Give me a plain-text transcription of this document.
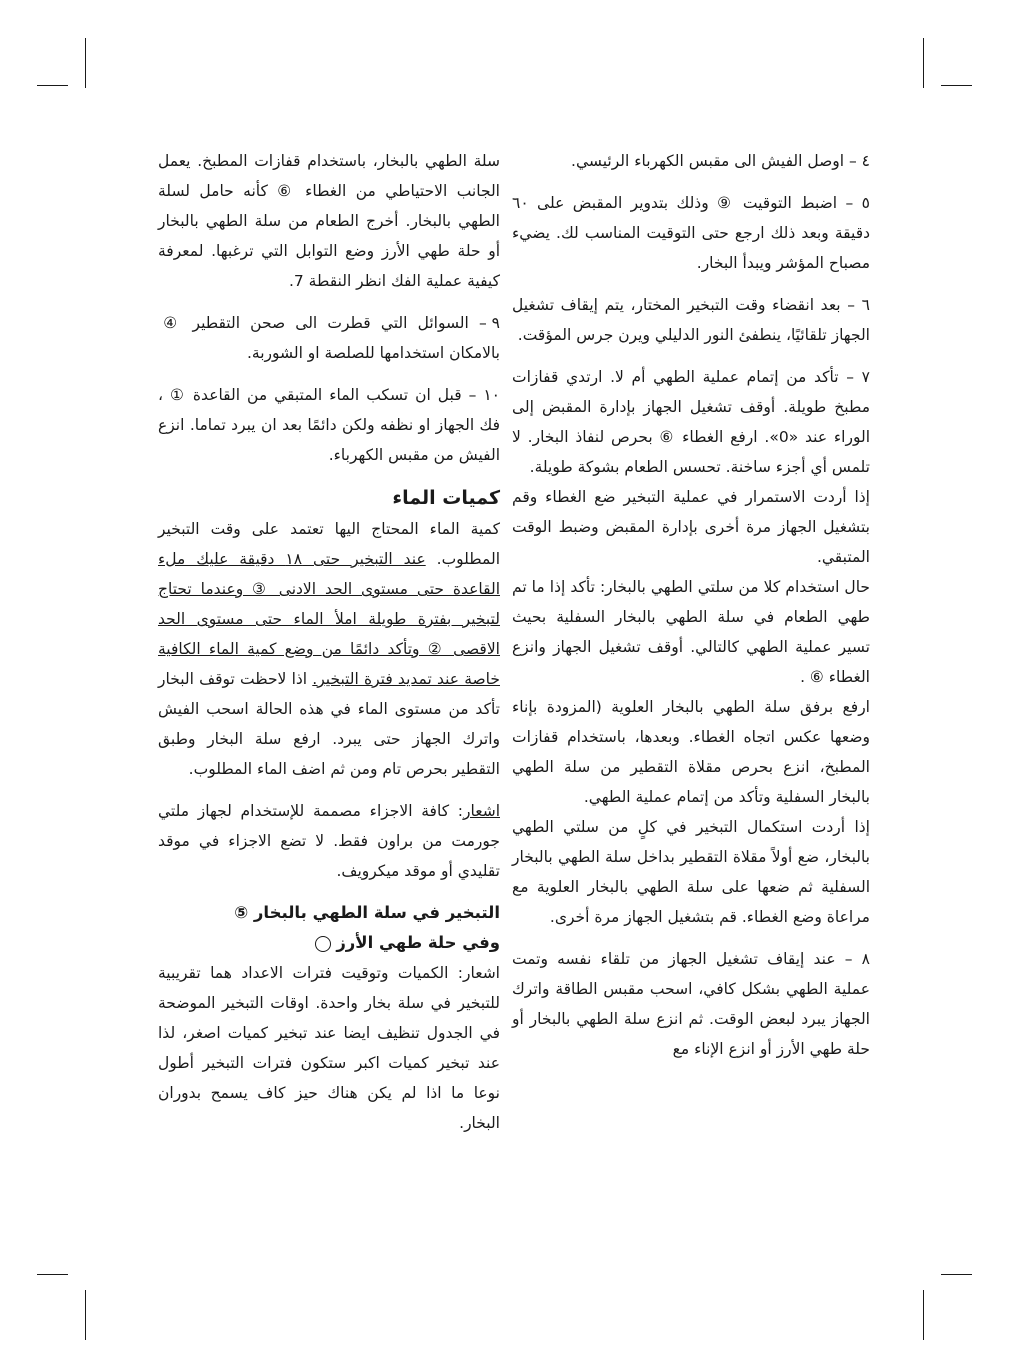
٤ – اوصل الفيش الى مقبس الكهرباء الرئيسي.

٥ – اضبط التوقيت ⑨ وذلك بتدوير المقبض على ٦٠ دقيقة وبعد ذلك ارجع حتى التوقيت المناسب لك. يضيء مصباح المؤشر ويبدأ البخار.

٦ – بعد انقضاء وقت التبخير المختار، يتم إيقاف تشغيل الجهاز تلقائيًا، ينطفئ النور الدليلي ويرن جرس المؤقت.

٧ – تأكد من إتمام عملية الطهي أم لا. ارتدي قفازات مطبخ طويلة. أوقف تشغيل الجهاز بإدارة المقبض إلى الوراء عند «0». ارفع الغطاء ⑥ بحرص لنفاذ البخار. لا تلمس أي أجزء ساخنة. تحسس الطعام بشوكة طويلة.

إذا أردت الاستمرار في عملية التبخير ضع الغطاء وقم بتشغيل الجهاز مرة أخرى بإدارة المقبض وضبط الوقت المتبقي.

حال استخدام كلا من سلتي الطهي بالبخار: تأكد إذا ما تم طهي الطعام في سلة الطهي بالبخار السفلية بحيث تسير عملية الطهي كالتالي. أوقف تشغيل الجهاز وانزع الغطاء ⑥ .

ارفع برفق سلة الطهي بالبخار العلوية (المزودة بإناء وضعها عكس اتجاه الغطاء. وبعدها، باستخدام قفازات المطبخ، انزع بحرص مقلاة التقطير من سلة الطهي بالبخار السفلية وتأكد من إتمام عملية الطهي.

إذا أردت استكمال التبخير في كلٍ من سلتي الطهي بالبخار، ضع أولاً مقلاة التقطير بداخل سلة الطهي بالبخار السفلية ثم ضعها على سلة الطهي بالبخار العلوية مع مراعاة وضع الغطاء. قم بتشغيل الجهاز مرة أخرى.

٨ – عند إيقاف تشغيل الجهاز من تلقاء نفسه وتمت عملية الطهي بشكل كافي، اسحب مقبس الطاقة واترك الجهاز يبرد لبعض الوقت. ثم انزع سلة الطهي بالبخار أو حلة طهي الأرز أو انزع الإناء مع

سلة الطهي بالبخار، باستخدام قفازات المطبخ. يعمل الجانب الاحتياطي من الغطاء ⑥ كأنه حامل لسلة الطهي بالبخار. أخرج الطعام من سلة الطهي بالبخار أو حلة طهي الأرز وضع التوابل التي ترغبها. لمعرفة كيفية عملية الفك انظر النقطة 7.

٩ – السوائل التي قطرت الى صحن التقطير ④ بالامكان استخدامها للصلصة او الشوربة.

١٠ – قبل ان تسكب الماء المتبقي من القاعدة ① ، فك الجهاز او نظفه ولكن دائمًا بعد ان يبرد تماما. انزع الفيش من مقبس الكهرباء.

كميات الماء

كمية الماء المحتاج اليها تعتمد على وقت التبخير المطلوب. عند التبخير حتى ١٨ دقيقة عليك ملء القاعدة حتى مستوى الحد الادنى ③ وعندما تحتاج لتبخير بفترة طويلة املأ الماء حتى مستوى الحد الاقصى ② وتأكد دائمًا من وضع كمية الماء الكافية خاصة عند تمديد فترة التبخير. اذا لاحظت توقف البخار تأكد من مستوى الماء في هذه الحالة اسحب الفيش واترك الجهاز حتى يبرد. ارفع سلة البخار وطبق التقطير بحرص تام ومن ثم اضف الماء المطلوب.

اشعار: كافة الاجزاء مصممة للإستخدام لجهاز ملتي جورمت من براون فقط. لا تضع الاجزاء في موقد تقليدي أو موقد ميكرويف.

التبخير في سلة الطهي بالبخار ⑤
وفي حلة طهي الأرز

اشعار: الكميات وتوقيت فترات الاعداد هما تقريبية للتبخير في سلة بخار واحدة. اوقات التبخير الموضحة في الجدول تنظيف ايضا عند تبخير كميات اصغر، لذا عند تبخير كميات اكبر ستكون فترات التبخير أطول نوعا ما اذا لم يكن هناك حيز كاف يسمح بدوران البخار.
